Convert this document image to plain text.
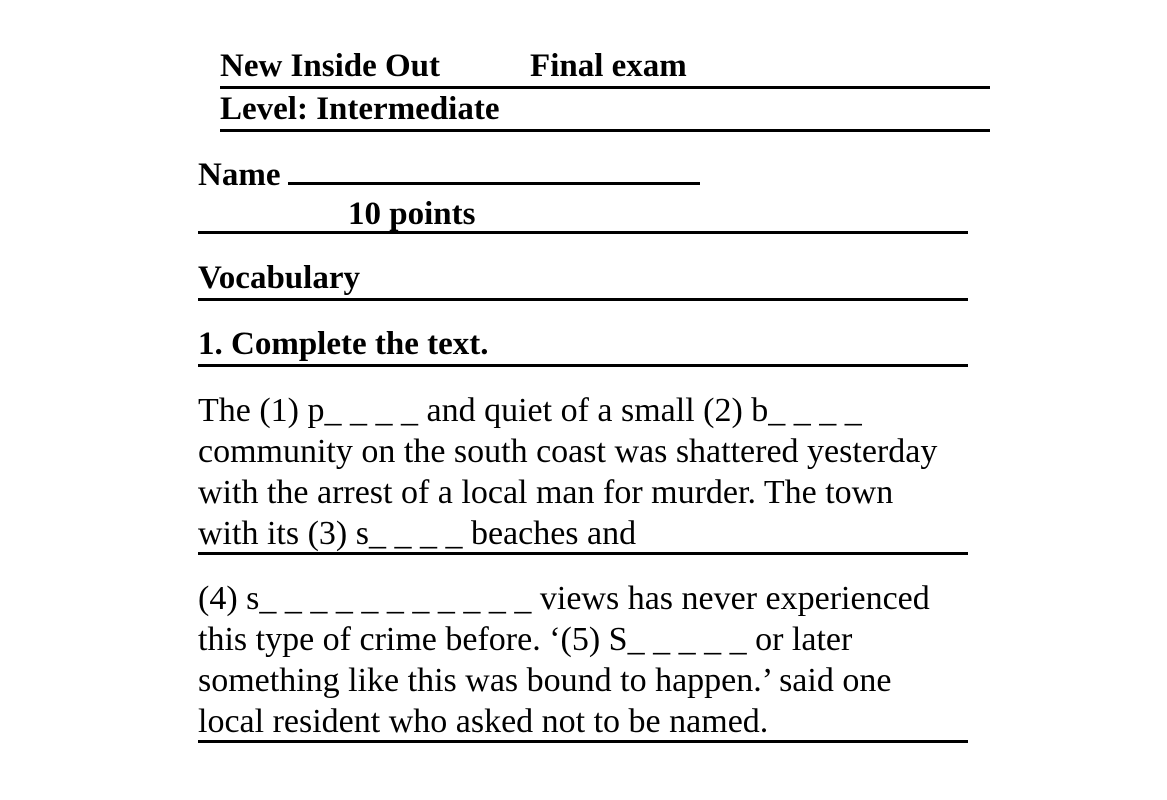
New Inside Out	Final exam
Level: Intermediate
Name
10 points
Vocabulary
1. Complete the text.
The (1) p_ _ _ _ and quiet of a small (2) b_ _ _ _
community on the south coast was shattered yesterday
with the arrest of a local man for murder. The town
with its (3) s_ _ _ _ beaches and
(4) s_ _ _ _ _ _ _ _ _ _ _ views has never experienced
this type of crime before. ‘(5) S_ _ _ _ _ or later
something like this was bound to happen.’ said one
local resident who asked not to be named.
